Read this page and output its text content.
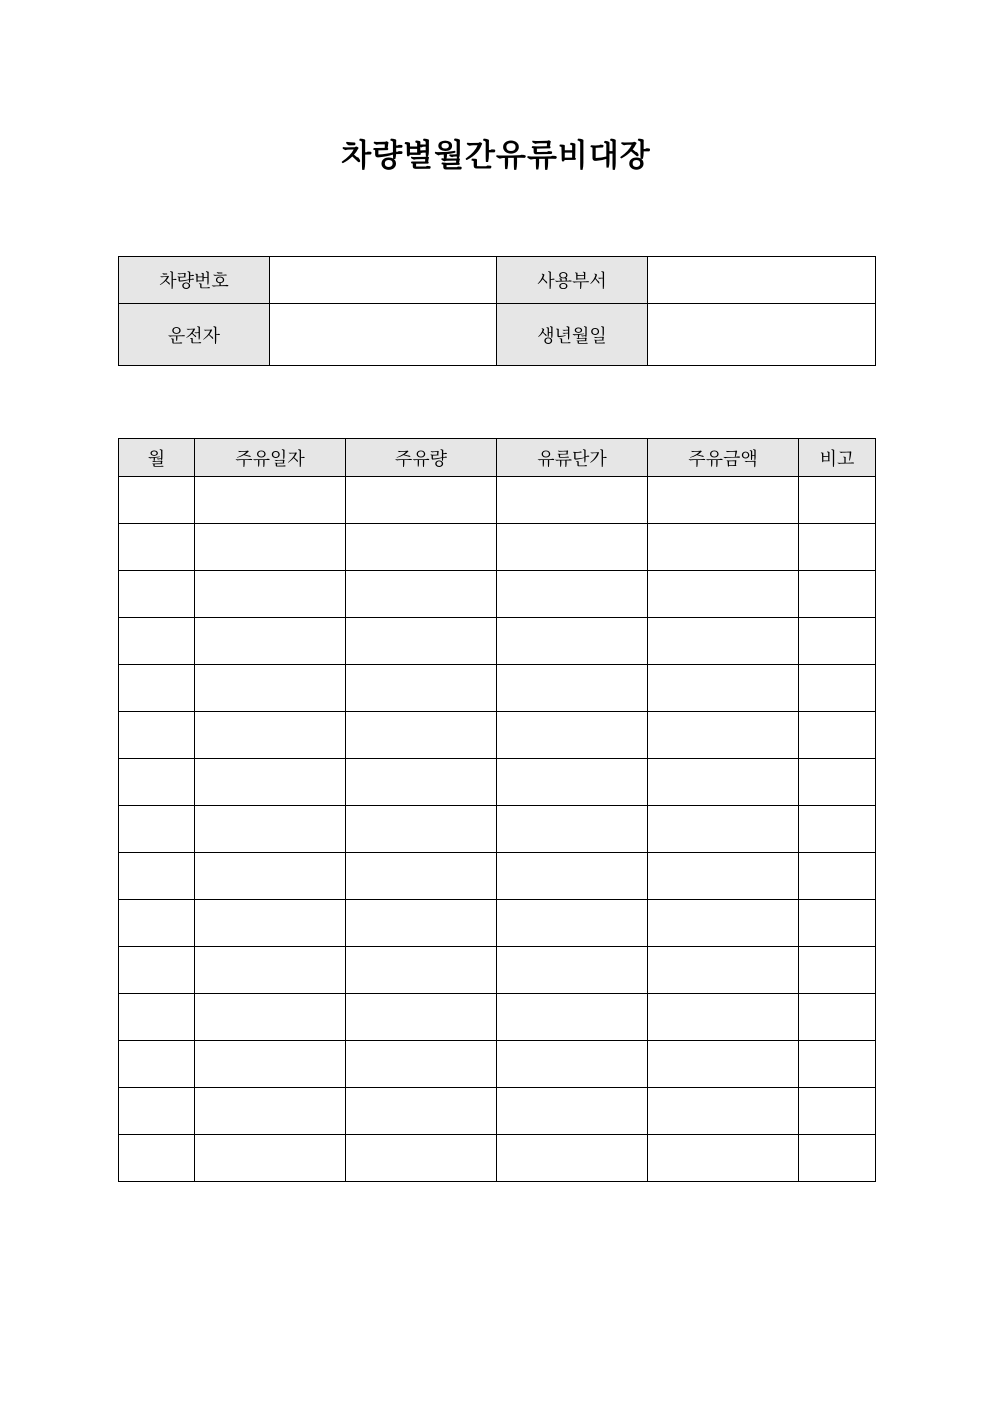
차량별월간유류비대장
차량번호		사용부서	
운전자		생년월일	
월	주유일자	주유량	유류단가	주유금액	비고
